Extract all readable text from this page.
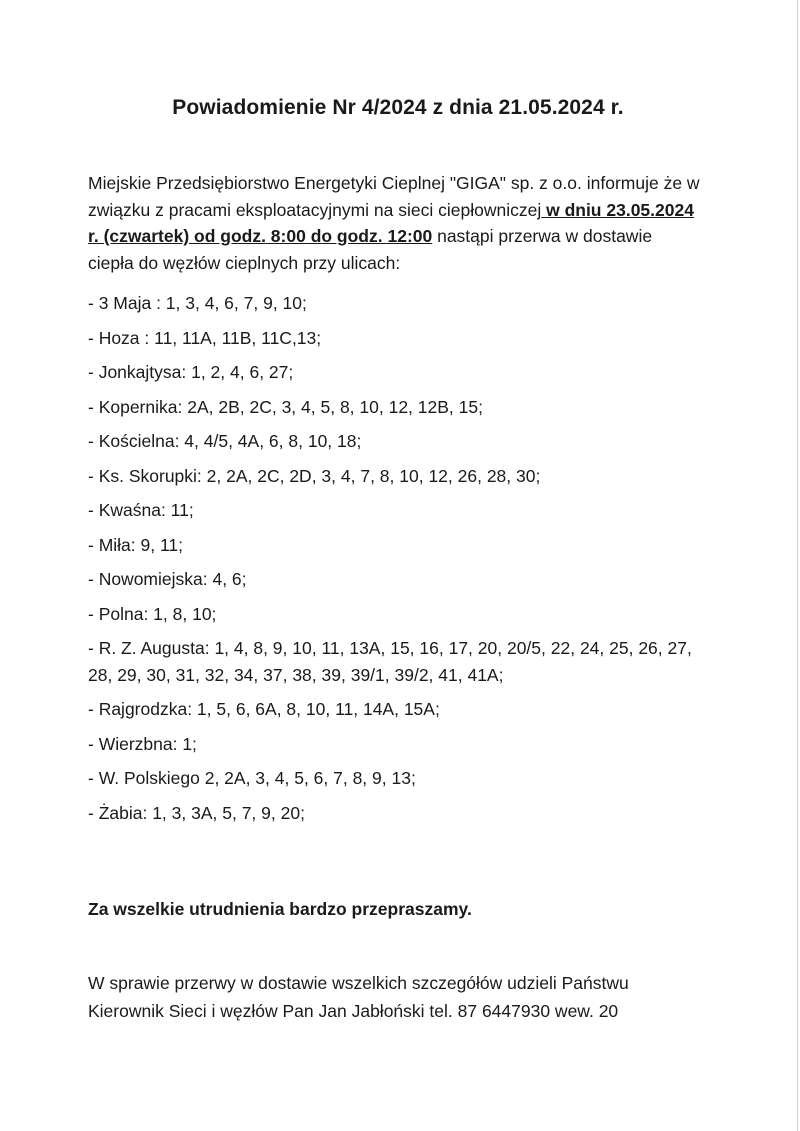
Powiadomienie Nr 4/2024 z dnia 21.05.2024 r.
Miejskie Przedsiębiorstwo Energetyki Cieplnej "GIGA" sp. z o.o. informuje że w związku z pracami eksploatacyjnymi na sieci ciepłowniczej w dniu 23.05.2024 r. (czwartek) od godz. 8:00 do godz. 12:00 nastąpi przerwa w dostawie ciepła do węzłów cieplnych przy ulicach:
- 3 Maja : 1, 3, 4, 6, 7, 9, 10;
- Hoza : 11, 11A, 11B, 11C,13;
- Jonkajtysa: 1, 2, 4, 6, 27;
- Kopernika: 2A, 2B, 2C, 3, 4, 5, 8, 10, 12, 12B, 15;
- Kościelna: 4, 4/5, 4A, 6, 8, 10, 18;
- Ks. Skorupki: 2, 2A, 2C, 2D, 3, 4, 7, 8, 10, 12, 26, 28, 30;
- Kwaśna: 11;
- Miła: 9, 11;
- Nowomiejska: 4, 6;
- Polna: 1, 8, 10;
- R. Z. Augusta: 1, 4, 8, 9, 10, 11, 13A, 15, 16, 17, 20, 20/5, 22, 24, 25, 26, 27, 28, 29, 30, 31, 32, 34, 37, 38, 39, 39/1, 39/2, 41, 41A;
- Rajgrodzka: 1, 5, 6, 6A, 8, 10, 11, 14A, 15A;
- Wierzbna: 1;
- W. Polskiego 2, 2A, 3, 4, 5, 6, 7, 8, 9, 13;
- Żabia: 1, 3, 3A, 5, 7, 9, 20;
Za wszelkie utrudnienia bardzo przepraszamy.
W sprawie przerwy w dostawie wszelkich szczegółów udzieli Państwu Kierownik Sieci i węzłów Pan Jan Jabłoński tel. 87 6447930 wew. 20
